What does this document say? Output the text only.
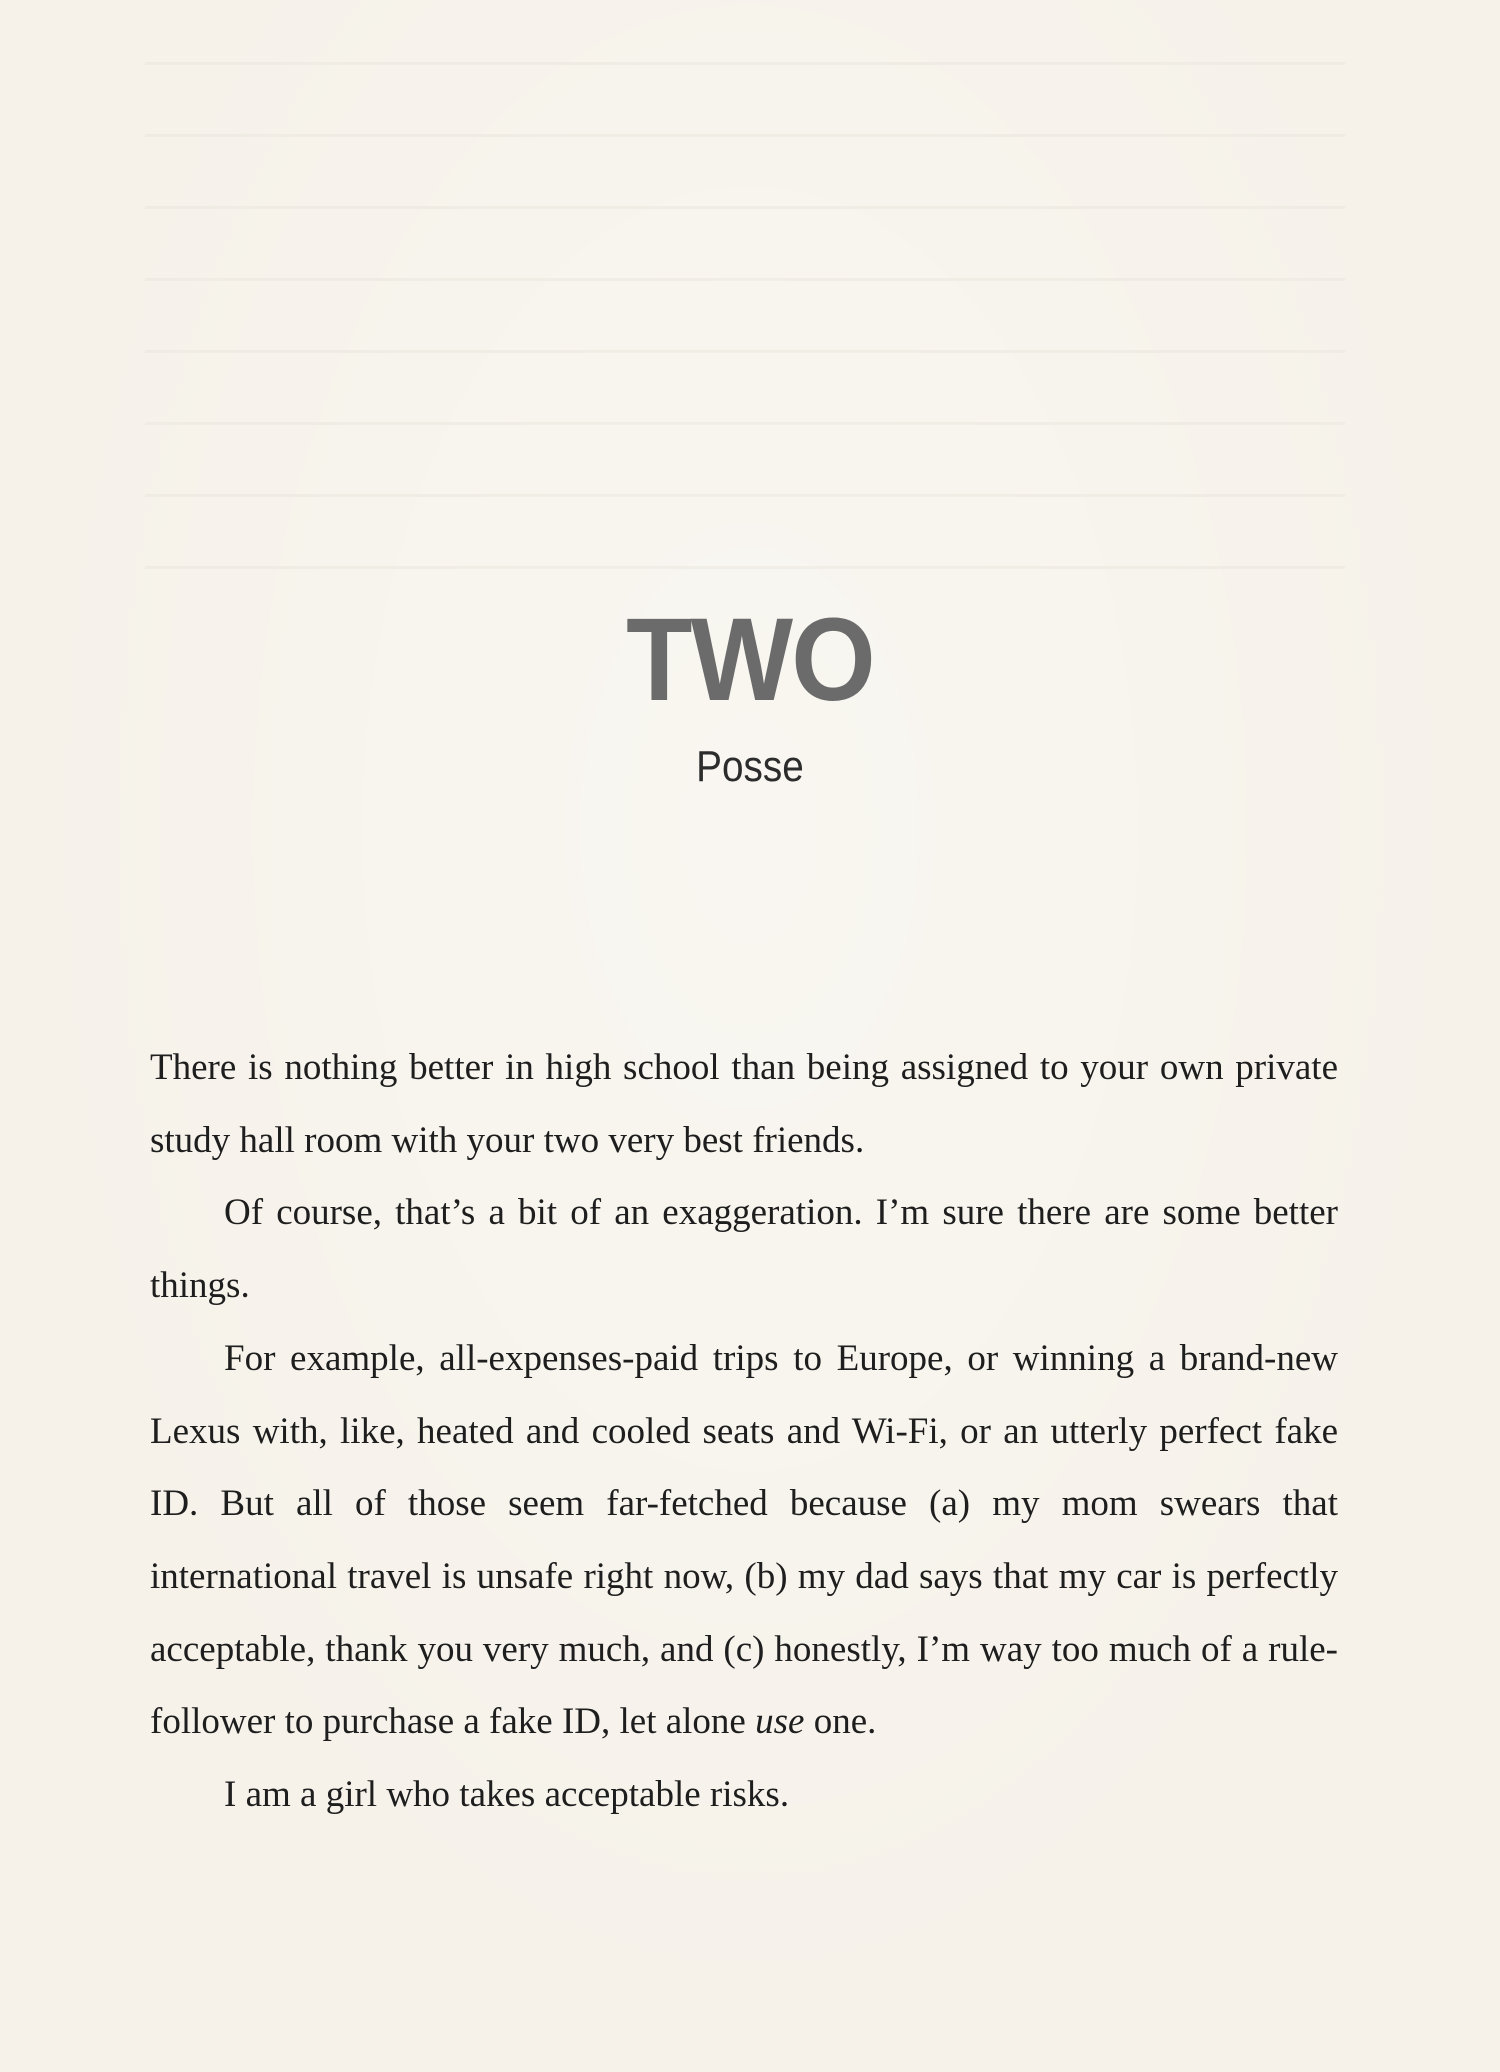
TWO
Posse

There is nothing better in high school than being assigned to your own private study hall room with your two very best friends.

Of course, that’s a bit of an exaggeration. I’m sure there are some better things.

For example, all-expenses-paid trips to Europe, or winning a brand-new Lexus with, like, heated and cooled seats and Wi-Fi, or an utterly perfect fake ID. But all of those seem far-fetched because (a) my mom swears that international travel is unsafe right now, (b) my dad says that my car is perfectly acceptable, thank you very much, and (c) honestly, I’m way too much of a rule-follower to purchase a fake ID, let alone use one.

I am a girl who takes acceptable risks.
